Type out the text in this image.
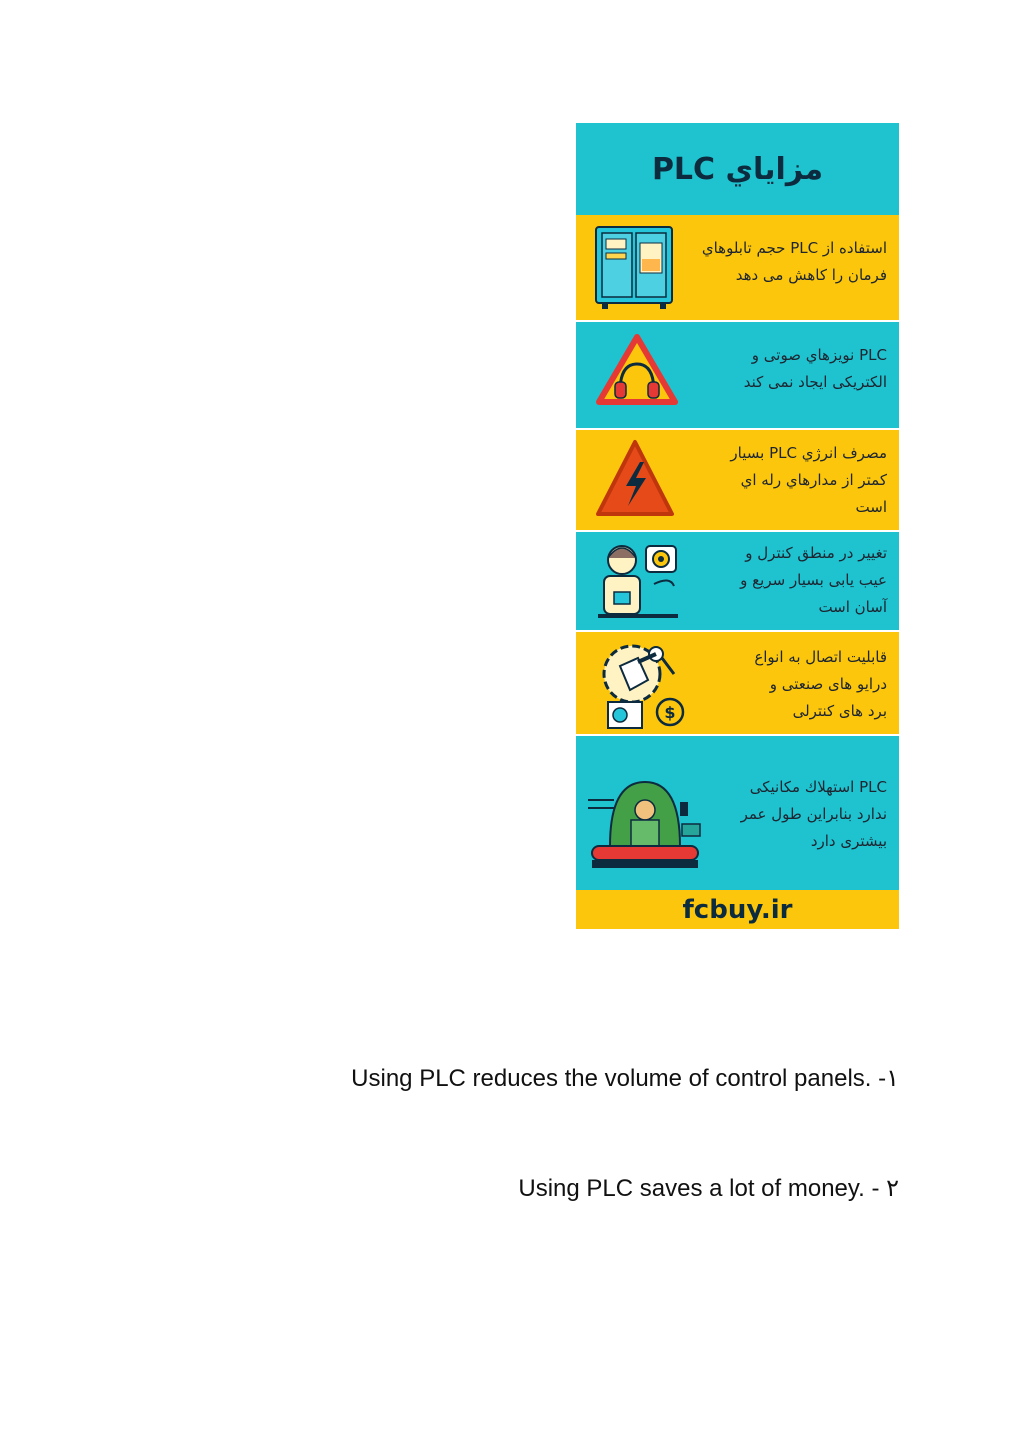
مزاياي PLC
استفاده از PLC حجم تابلوهاي
فرمان را كاهش مى دهد
PLC نويزهاي صوتى و
الكتريكى ايجاد نمى كند
مصرف انرژي PLC بسيار
كمتر از مدارهاي رله اي
است
تغيير در منطق كنترل و
عيب يابى بسيار سريع و
آسان است
$
قابليت اتصال به انواع
درايو هاى صنعتى و
برد هاى كنترلى
PLC استهلاك مكانيكى
ندارد بنابراين طول عمر
بيشترى دارد
fcbuy.ir
Using PLC reduces the volume of control panels. -۱
Using PLC saves a lot of money. - ۲
